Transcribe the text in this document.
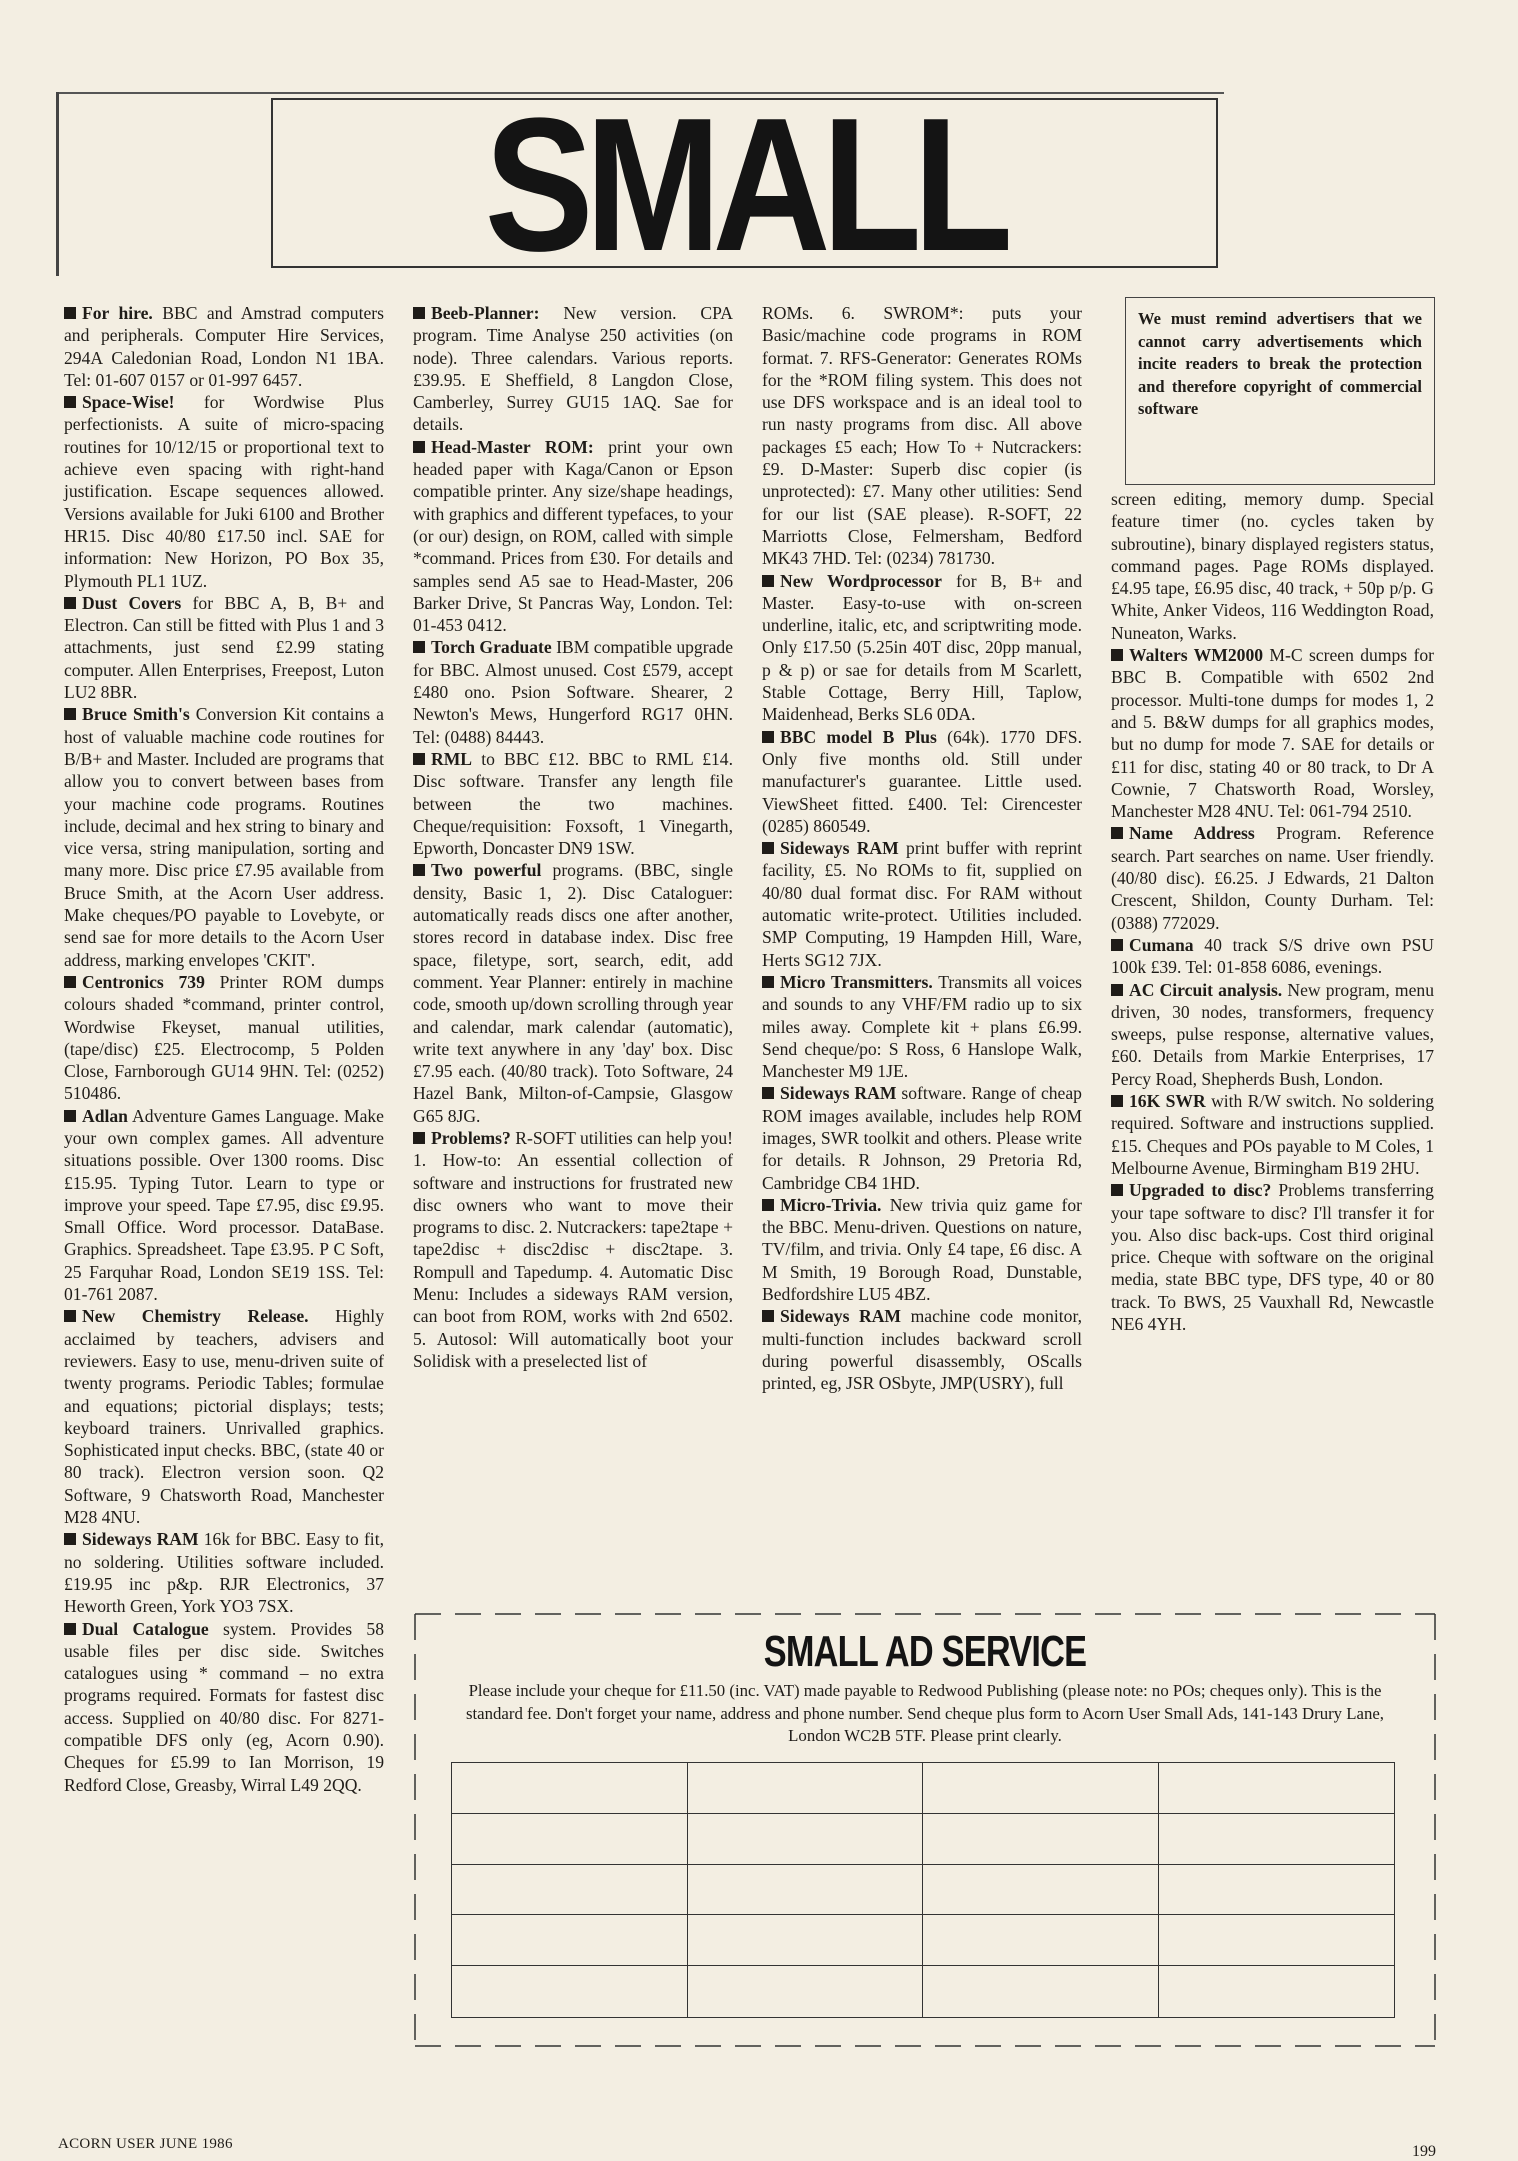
SMALL

For hire. BBC and Amstrad computers and peripherals. Computer Hire Services, 294A Caledonian Road, London N1 1BA. Tel: 01-607 0157 or 01-997 6457.

Space-Wise! for Wordwise Plus perfectionists. A suite of micro-spacing routines for 10/12/15 or proportional text to achieve even spacing with right-hand justification. Escape sequences allowed. Versions available for Juki 6100 and Brother HR15. Disc 40/80 £17.50 incl. SAE for information: New Horizon, PO Box 35, Plymouth PL1 1UZ.

Dust Covers for BBC A, B, B+ and Electron. Can still be fitted with Plus 1 and 3 attachments, just send £2.99 stating computer. Allen Enterprises, Freepost, Luton LU2 8BR.

Bruce Smith's Conversion Kit contains a host of valuable machine code routines for B/B+ and Master. Included are programs that allow you to convert between bases from your machine code programs. Routines include, decimal and hex string to binary and vice versa, string manipulation, sorting and many more. Disc price £7.95 available from Bruce Smith, at the Acorn User address. Make cheques/PO payable to Lovebyte, or send sae for more details to the Acorn User address, marking envelopes 'CKIT'.

Centronics 739 Printer ROM dumps colours shaded *command, printer control, Wordwise Fkeyset, manual utilities, (tape/disc) £25. Electrocomp, 5 Polden Close, Farnborough GU14 9HN. Tel: (0252) 510486.

Adlan Adventure Games Language. Make your own complex games. All adventure situations possible. Over 1300 rooms. Disc £15.95. Typing Tutor. Learn to type or improve your speed. Tape £7.95, disc £9.95. Small Office. Word processor. DataBase. Graphics. Spreadsheet. Tape £3.95. P C Soft, 25 Farquhar Road, London SE19 1SS. Tel: 01-761 2087.

New Chemistry Release. Highly acclaimed by teachers, advisers and reviewers. Easy to use, menu-driven suite of twenty programs. Periodic Tables; formulae and equations; pictorial displays; tests; keyboard trainers. Unrivalled graphics. Sophisticated input checks. BBC, (state 40 or 80 track). Electron version soon. Q2 Software, 9 Chatsworth Road, Manchester M28 4NU.

Sideways RAM 16k for BBC. Easy to fit, no soldering. Utilities software included. £19.95 inc p&p. RJR Electronics, 37 Heworth Green, York YO3 7SX.

Dual Catalogue system. Provides 58 usable files per disc side. Switches catalogues using * command – no extra programs required. Formats for fastest disc access. Supplied on 40/80 disc. For 8271-compatible DFS only (eg, Acorn 0.90). Cheques for £5.99 to Ian Morrison, 19 Redford Close, Greasby, Wirral L49 2QQ.

Beeb-Planner: New version. CPA program. Time Analyse 250 activities (on node). Three calendars. Various reports. £39.95. E Sheffield, 8 Langdon Close, Camberley, Surrey GU15 1AQ. Sae for details.

Head-Master ROM: print your own headed paper with Kaga/Canon or Epson compatible printer. Any size/shape headings, with graphics and different typefaces, to your (or our) design, on ROM, called with simple *command. Prices from £30. For details and samples send A5 sae to Head-Master, 206 Barker Drive, St Pancras Way, London. Tel: 01-453 0412.

Torch Graduate IBM compatible upgrade for BBC. Almost unused. Cost £579, accept £480 ono. Psion Software. Shearer, 2 Newton's Mews, Hungerford RG17 0HN. Tel: (0488) 84443.

RML to BBC £12. BBC to RML £14. Disc software. Transfer any length file between the two machines. Cheque/requisition: Foxsoft, 1 Vinegarth, Epworth, Doncaster DN9 1SW.

Two powerful programs. (BBC, single density, Basic 1, 2). Disc Cataloguer: automatically reads discs one after another, stores record in database index. Disc free space, filetype, sort, search, edit, add comment. Year Planner: entirely in machine code, smooth up/down scrolling through year and calendar, mark calendar (automatic), write text anywhere in any 'day' box. Disc £7.95 each. (40/80 track). Toto Software, 24 Hazel Bank, Milton-of-Campsie, Glasgow G65 8JG.

Problems? R-SOFT utilities can help you! 1. How-to: An essential collection of software and instructions for frustrated new disc owners who want to move their programs to disc. 2. Nutcrackers: tape2tape + tape2disc + disc2disc + disc2tape. 3. Rompull and Tapedump. 4. Automatic Disc Menu: Includes a sideways RAM version, can boot from ROM, works with 2nd 6502. 5. Autosol: Will automatically boot your Solidisk with a preselected list of

ROMs. 6. SWROM*: puts your Basic/machine code programs in ROM format. 7. RFS-Generator: Generates ROMs for the *ROM filing system. This does not use DFS workspace and is an ideal tool to run nasty programs from disc. All above packages £5 each; How To + Nutcrackers: £9. D-Master: Superb disc copier (is unprotected): £7. Many other utilities: Send for our list (SAE please). R-SOFT, 22 Marriotts Close, Felmersham, Bedford MK43 7HD. Tel: (0234) 781730.

New Wordprocessor for B, B+ and Master. Easy-to-use with on-screen underline, italic, etc, and scriptwriting mode. Only £17.50 (5.25in 40T disc, 20pp manual, p & p) or sae for details from M Scarlett, Stable Cottage, Berry Hill, Taplow, Maidenhead, Berks SL6 0DA.

BBC model B Plus (64k). 1770 DFS. Only five months old. Still under manufacturer's guarantee. Little used. ViewSheet fitted. £400. Tel: Cirencester (0285) 860549.

Sideways RAM print buffer with reprint facility, £5. No ROMs to fit, supplied on 40/80 dual format disc. For RAM without automatic write-protect. Utilities included. SMP Computing, 19 Hampden Hill, Ware, Herts SG12 7JX.

Micro Transmitters. Transmits all voices and sounds to any VHF/FM radio up to six miles away. Complete kit + plans £6.99. Send cheque/po: S Ross, 6 Hanslope Walk, Manchester M9 1JE.

Sideways RAM software. Range of cheap ROM images available, includes help ROM images, SWR toolkit and others. Please write for details. R Johnson, 29 Pretoria Rd, Cambridge CB4 1HD.

Micro-Trivia. New trivia quiz game for the BBC. Menu-driven. Questions on nature, TV/film, and trivia. Only £4 tape, £6 disc. A M Smith, 19 Borough Road, Dunstable, Bedfordshire LU5 4BZ.

Sideways RAM machine code monitor, multi-function includes backward scroll during powerful disassembly, OScalls printed, eg, JSR OSbyte, JMP(USRY), full

screen editing, memory dump. Special feature timer (no. cycles taken by subroutine), binary displayed registers status, command pages. Page ROMs displayed. £4.95 tape, £6.95 disc, 40 track, + 50p p/p. G White, Anker Videos, 116 Weddington Road, Nuneaton, Warks.

Walters WM2000 M-C screen dumps for BBC B. Compatible with 6502 2nd processor. Multi-tone dumps for modes 1, 2 and 5. B&W dumps for all graphics modes, but no dump for mode 7. SAE for details or £11 for disc, stating 40 or 80 track, to Dr A Cownie, 7 Chatsworth Road, Worsley, Manchester M28 4NU. Tel: 061-794 2510.

Name Address Program. Reference search. Part searches on name. User friendly. (40/80 disc). £6.25. J Edwards, 21 Dalton Crescent, Shildon, County Durham. Tel: (0388) 772029.

Cumana 40 track S/S drive own PSU 100k £39. Tel: 01-858 6086, evenings.

AC Circuit analysis. New program, menu driven, 30 nodes, transformers, frequency sweeps, pulse response, alternative values, £60. Details from Markie Enterprises, 17 Percy Road, Shepherds Bush, London.

16K SWR with R/W switch. No soldering required. Software and instructions supplied. £15. Cheques and POs payable to M Coles, 1 Melbourne Avenue, Birmingham B19 2HU.

Upgraded to disc? Problems transferring your tape software to disc? I'll transfer it for you. Also disc back-ups. Cost third original price. Cheque with software on the original media, state BBC type, DFS type, 40 or 80 track. To BWS, 25 Vauxhall Rd, Newcastle NE6 4YH.

We must remind advertisers that we cannot carry advertisements which incite readers to break the protection and therefore copyright of commercial software
SMALL AD SERVICE
Please include your cheque for £11.50 (inc. VAT) made payable to Redwood Publishing (please note: no POs; cheques only). This is the standard fee. Don't forget your name, address and phone number. Send cheque plus form to Acorn User Small Ads, 141-143 Drury Lane, London WC2B 5TF. Please print clearly.
ACORN USER JUNE 1986	199
